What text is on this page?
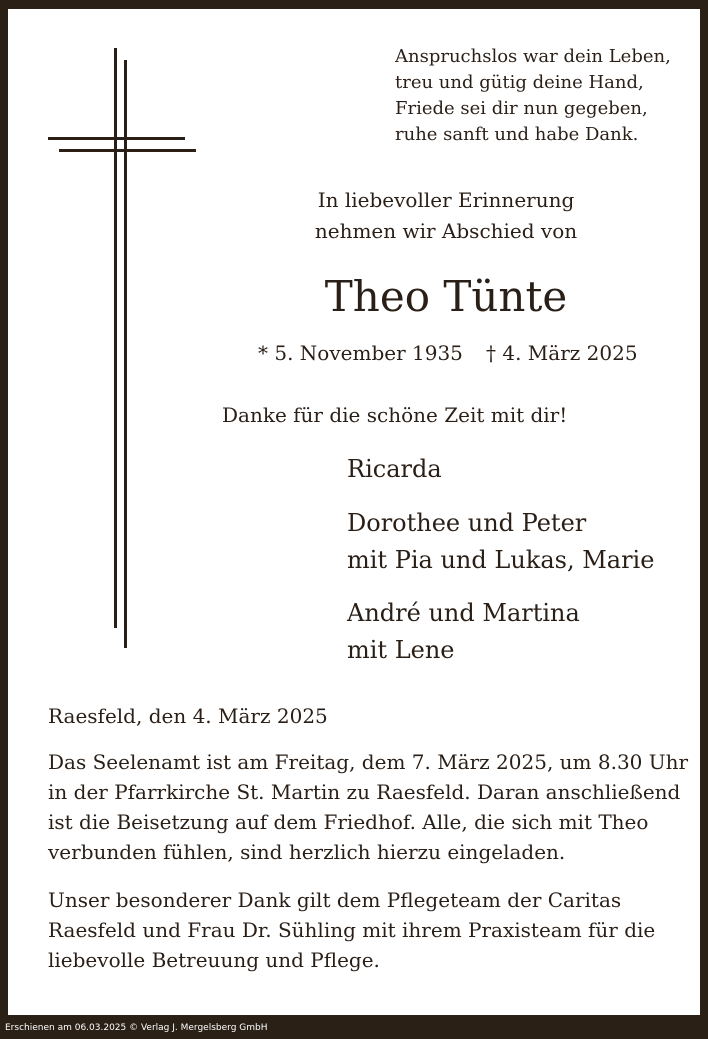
Anspruchslos war dein Leben,
treu und gütig deine Hand,
Friede sei dir nun gegeben,
ruhe sanft und habe Dank.
In liebevoller Erinnerung
nehmen wir Abschied von
Theo Tünte
* 5. November 1935 † 4. März 2025
Danke für die schöne Zeit mit dir!
Ricarda
Dorothee und Peter
mit Pia und Lukas, Marie
André und Martina
mit Lene
Raesfeld, den 4. März 2025
Das Seelenamt ist am Freitag, dem 7. März 2025, um 8.30 Uhr in der Pfarrkirche St. Martin zu Raesfeld. Daran anschließend ist die Beisetzung auf dem Friedhof. Alle, die sich mit Theo verbunden fühlen, sind herzlich hierzu eingeladen.
Unser besonderer Dank gilt dem Pflegeteam der Caritas Raesfeld und Frau Dr. Sühling mit ihrem Praxisteam für die liebevolle Betreuung und Pflege.
Erschienen am 06.03.2025 © Verlag J. Mergelsberg GmbH
